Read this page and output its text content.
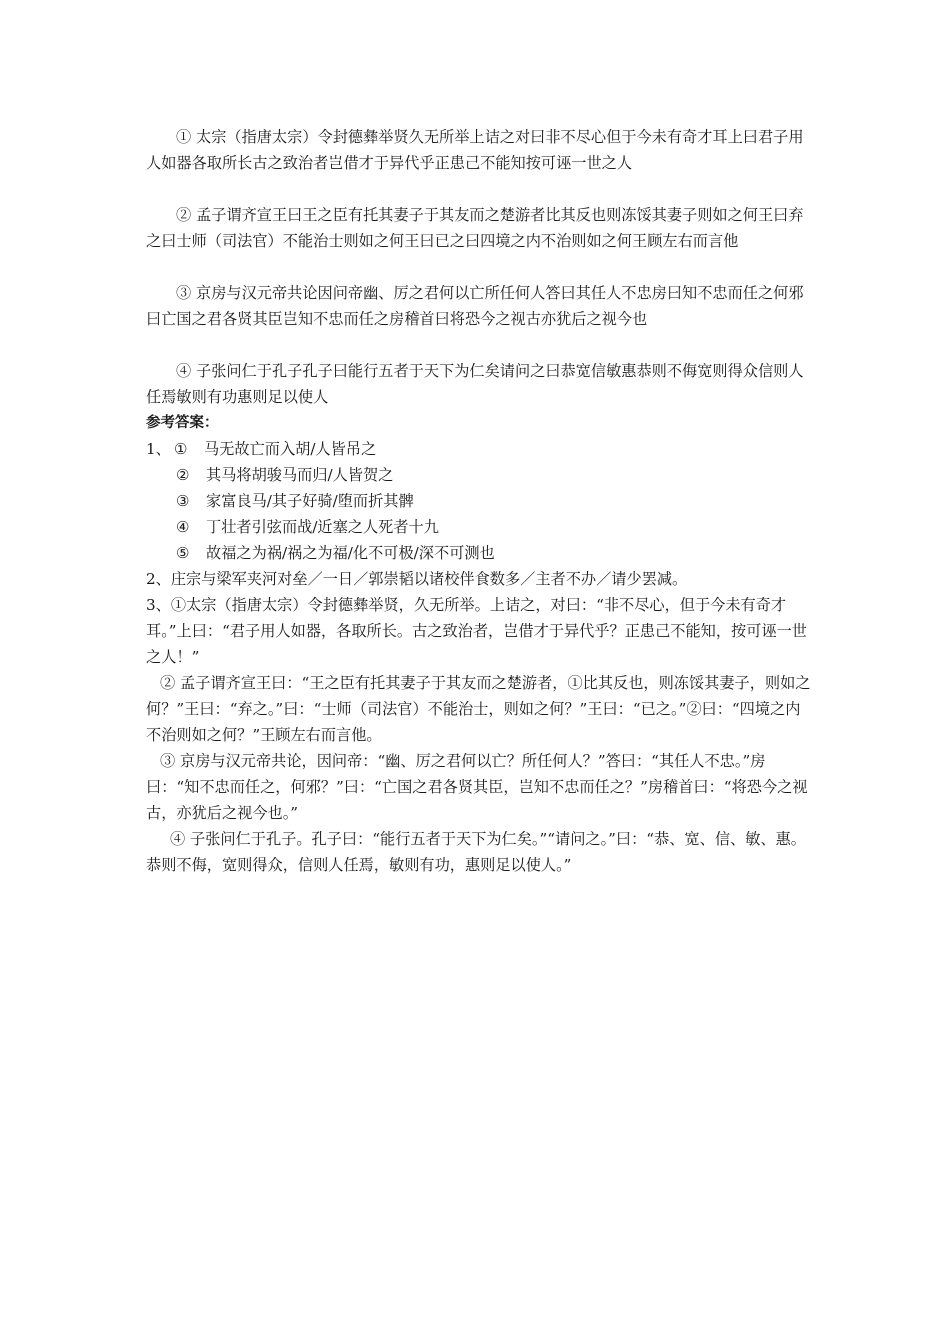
① 太宗（指唐太宗）令封德彝举贤久无所举上诘之对曰非不尽心但于今未有奇才耳上曰君子用人如器各取所长古之致治者岂借才于异代乎正患己不能知按可诬一世之人

② 孟子谓齐宣王曰王之臣有托其妻子于其友而之楚游者比其反也则冻馁其妻子则如之何王曰弃之曰士师（司法官）不能治士则如之何王曰已之曰四境之内不治则如之何王顾左右而言他

③ 京房与汉元帝共论因问帝幽、厉之君何以亡所任何人答曰其任人不忠房曰知不忠而任之何邪曰亡国之君各贤其臣岂知不忠而任之房稽首曰将恐今之视古亦犹后之视今也

④ 子张问仁于孔子孔子曰能行五者于天下为仁矣请问之曰恭宽信敏惠恭则不侮宽则得众信则人任焉敏则有功惠则足以使人

参考答案：

1、 ① 马无故亡而入胡/人皆吊之

② 其马将胡骏马而归/人皆贺之

③ 家富良马/其子好骑/堕而折其髀

④ 丁壮者引弦而战/近塞之人死者十九

⑤ 故福之为祸/祸之为福/化不可极/深不可测也

2、庄宗与梁军夹河对垒／一日／郭崇韬以诸校伴食数多／主者不办／请少罢减。

3、①太宗（指唐太宗）令封德彝举贤，久无所举。上诘之，对曰：“非不尽心，但于今未有奇才耳。”上曰：“君子用人如器，各取所长。古之致治者，岂借才于异代乎？正患己不能知，按可诬一世之人！”

② 孟子谓齐宣王曰：“王之臣有托其妻子于其友而之楚游者，①比其反也，则冻馁其妻子，则如之何？”王曰：“弃之。”曰：“士师（司法官）不能治士，则如之何？”王曰：“已之。”②曰：“四境之内不治则如之何？”王顾左右而言他。

③ 京房与汉元帝共论，因问帝：“幽、厉之君何以亡？所任何人？”答曰：“其任人不忠。”房曰：“知不忠而任之，何邪？”曰：“亡国之君各贤其臣，岂知不忠而任之？”房稽首曰：“将恐今之视古，亦犹后之视今也。”

④ 子张问仁于孔子。孔子曰：“能行五者于天下为仁矣。”“请问之。”曰：“恭、宽、信、敏、惠。恭则不侮，宽则得众，信则人任焉，敏则有功，惠则足以使人。”
